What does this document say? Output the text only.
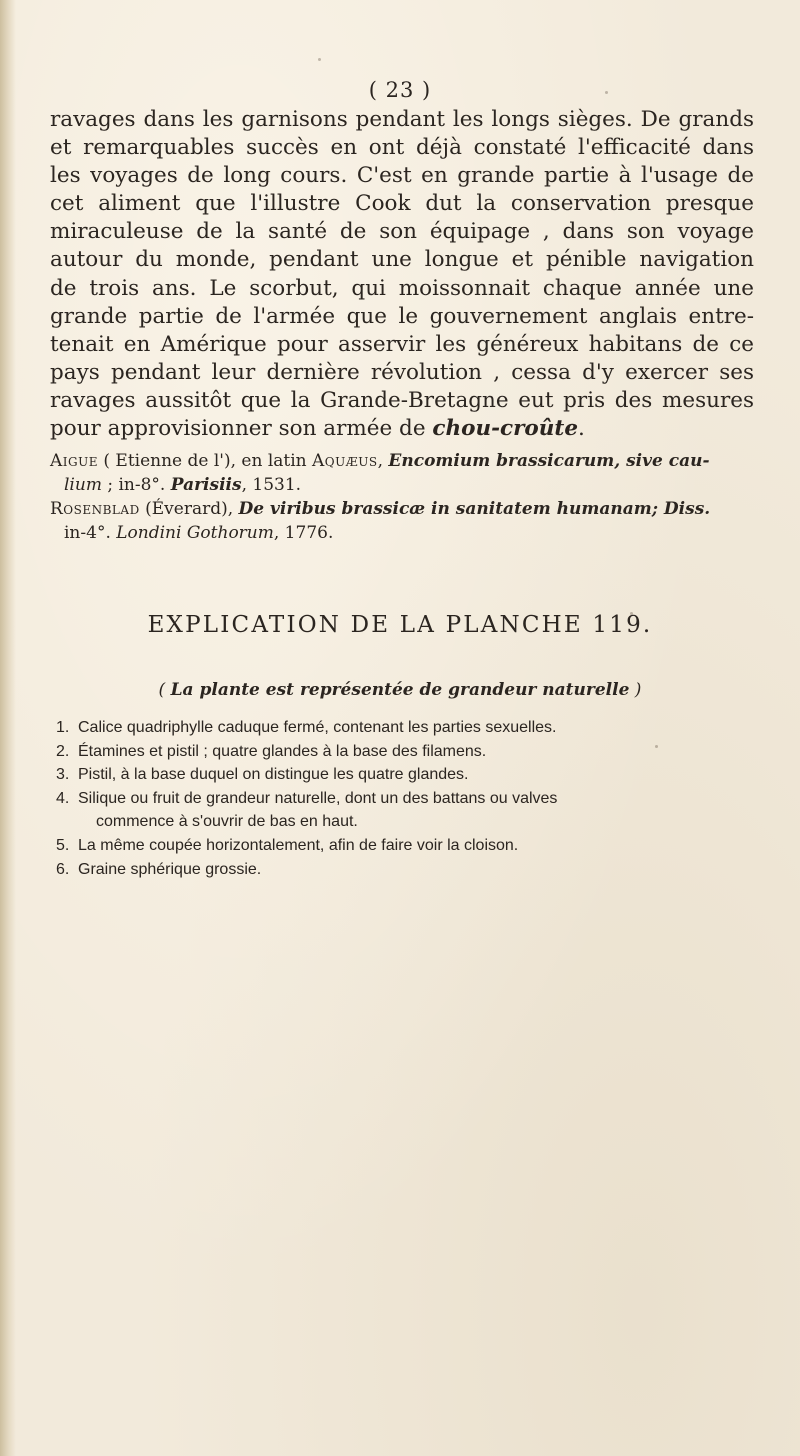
( 23 )

ravages dans les garnisons pendant les longs sièges. De grands
et remarquables succès en ont déjà constaté l'efficacité dans
les voyages de long cours. C'est en grande partie à l'usage de
cet aliment que l'illustre Cook dut la conservation presque
miraculeuse de la santé de son équipage , dans son voyage
autour du monde, pendant une longue et pénible navigation
de trois ans. Le scorbut, qui moissonnait chaque année une
grande partie de l'armée que le gouvernement anglais entre-
tenait en Amérique pour asservir les généreux habitans de ce
pays pendant leur dernière révolution , cessa d'y exercer ses
ravages aussitôt que la Grande-Bretagne eut pris des mesures
pour approvisionner son armée de chou-croûte.

Aigue ( Etienne de l'), en latin Aquæus, Encomium brassicarum, sive cau-
lium ; in-8°. Parisiis, 1531.

Rosenblad (Éverard), De viribus brassicæ in sanitatem humanam; Diss.
in-4°. Londini Gothorum, 1776.

EXPLICATION DE LA PLANCHE 119.
( La plante est représentée de grandeur naturelle )
1. Calice quadriphylle caduque fermé, contenant les parties sexuelles.
2. Étamines et pistil ; quatre glandes à la base des filamens.
3. Pistil, à la base duquel on distingue les quatre glandes.
4. Silique ou fruit de grandeur naturelle, dont un des battans ou valves
commence à s'ouvrir de bas en haut.
5. La même coupée horizontalement, afin de faire voir la cloison.
6. Graine sphérique grossie.
